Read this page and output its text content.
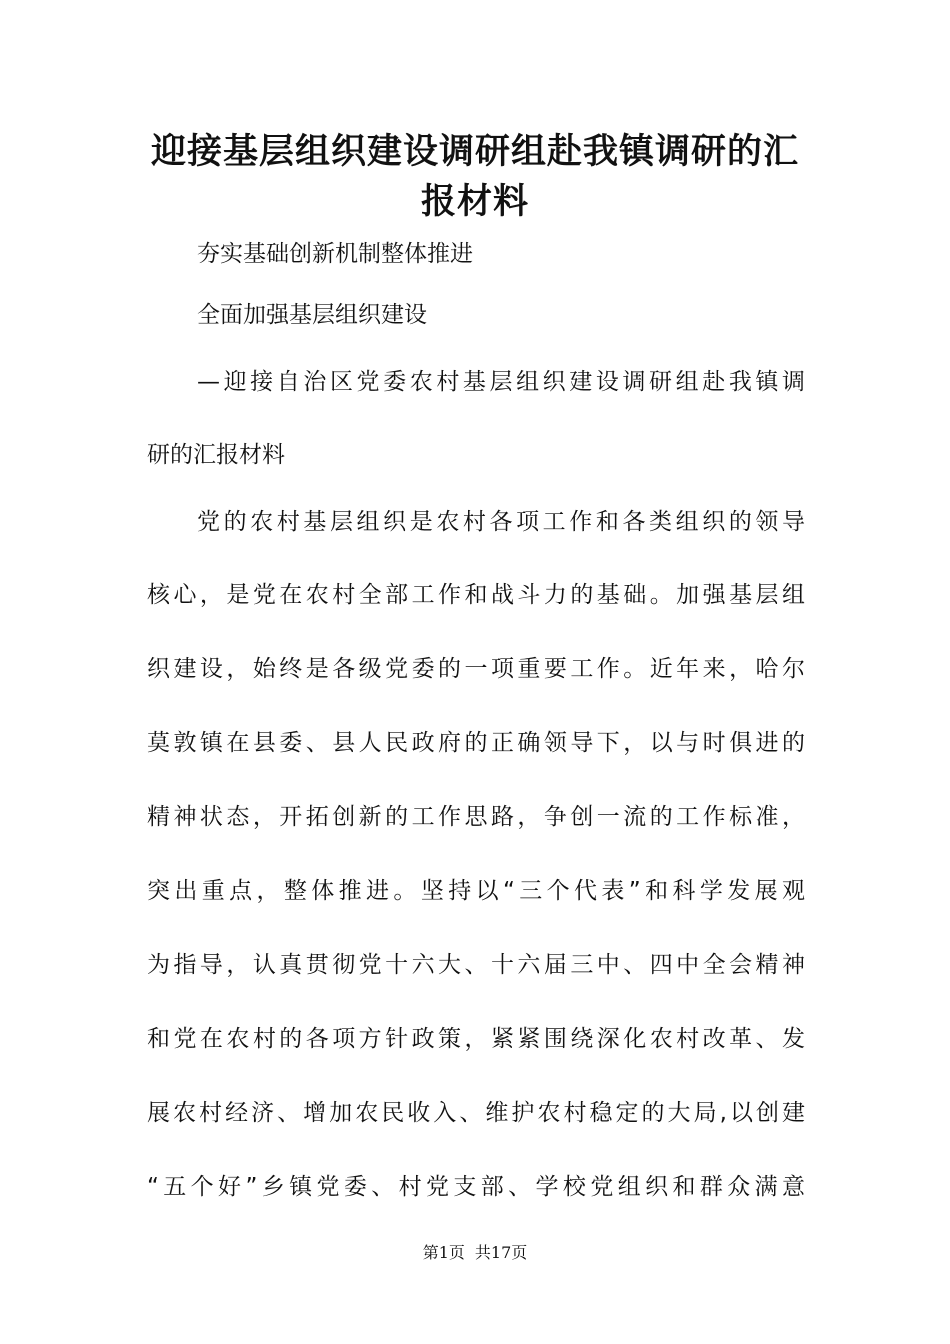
迎接基层组织建设调研组赴我镇调研的汇
报材料

夯实基础创新机制整体推进

全面加强基层组织建设

—迎接自治区党委农村基层组织建设调研组赴我镇调

研的汇报材料

党的农村基层组织是农村各项工作和各类组织的领导

核心，是党在农村全部工作和战斗力的基础。加强基层组

织建设，始终是各级党委的一项重要工作。近年来，哈尔

莫敦镇在县委、县人民政府的正确领导下，以与时俱进的

精神状态，开拓创新的工作思路，争创一流的工作标准，

突出重点，整体推进。坚持以“三个代表”和科学发展观

为指导，认真贯彻党十六大、十六届三中、四中全会精神

和党在农村的各项方针政策，紧紧围绕深化农村改革、发

展农村经济、增加农民收入、维护农村稳定的大局,以创建

“五个好”乡镇党委、村党支部、学校党组织和群众满意

第1页 共17页
